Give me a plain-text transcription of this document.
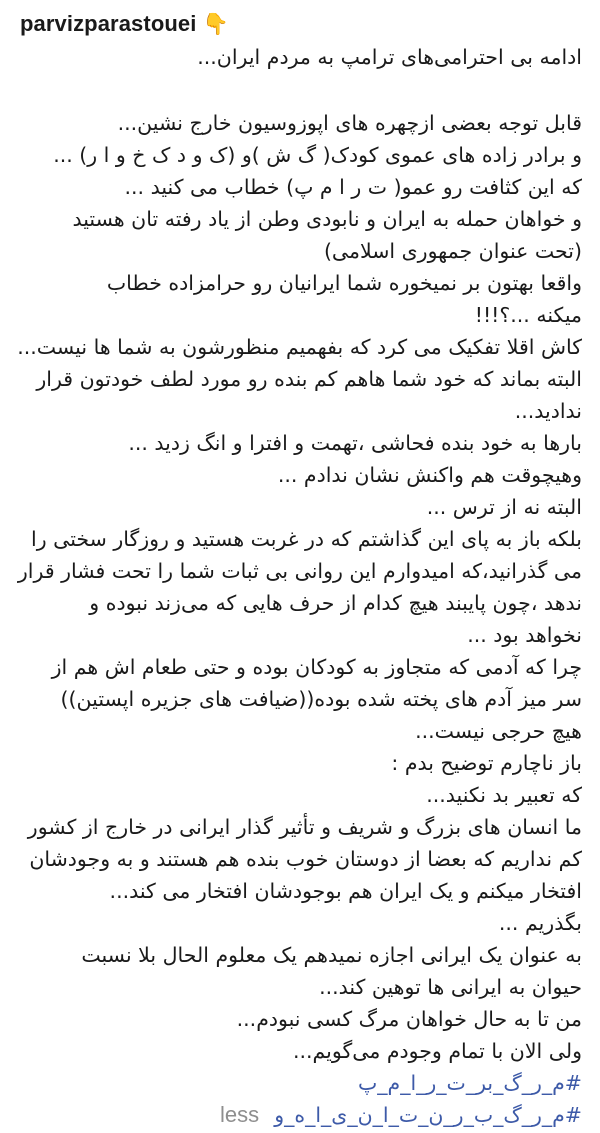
parvizparastouei 👇
ادامه بی احترامی‌های ترامپ به مردم ایران...
قابل توجه بعضی ازچهره های اپوزوسیون خارج نشین...
و برادر زاده های عموی کودک( گ ش )و (ک و د ک خ و ا ر) ...
که این کثافت رو عمو( ت ر ا م پ) خطاب می کنید ...
و خواهان حمله به ایران و نابودی وطن از یاد رفته تان هستید
(تحت عنوان جمهوری اسلامی)
واقعا بهتون بر نمیخوره شما ایرانیان رو حرامزاده خطاب
میکنه ...؟!!!
کاش اقلا تفکیک می کرد که بفهمیم منظورشون به شما ها نیست...
البته بماند که خود شما هاهم کم بنده رو مورد لطف خودتون قرار
ندادید...
بارها به خود بنده فحاشی ،تهمت و افترا و انگ زدید ...
وهیچوقت هم واکنش نشان ندادم ...
البته نه از ترس ...
بلکه باز به پای این گذاشتم که در غربت هستید و روزگار سختی را
می گذرانید،که امیدوارم این روانی بی ثبات شما را تحت فشار قرار
ندهد ،چون پایبند هیچ کدام از حرف هایی که می‌زند نبوده و
نخواهد بود ...
چرا که آدمی که متجاوز به کودکان بوده و حتی طعام اش هم از
سر میز آدم های پخته شده بوده((ضیافت های جزیره اپستین))
هیچ حرجی نیست...
باز ناچارم توضیح بدم :
که تعبیر بد نکنید...
ما انسان های بزرگ و شریف و تأثیر گذار ایرانی در خارج از کشور
کم نداریم که بعضا از دوستان خوب بنده هم هستند و به وجودشان
افتخار میکنم و یک ایران هم بوجودشان افتخار می کند...
بگذریم ...
به عنوان یک ایرانی اجازه نمیدهم یک معلوم الحال بلا نسبت
حیوان به ایرانی ها توهین کند...
من تا به حال خواهان مرگ کسی نبودم...
ولی الان با تمام وجودم می‌گویم...
#م_ر_گ_بر_ت_ر_ا_م_پ
#م_ر_گ_ب_ر_ن_ت_ا_ن_ی_ا_ه_و less
